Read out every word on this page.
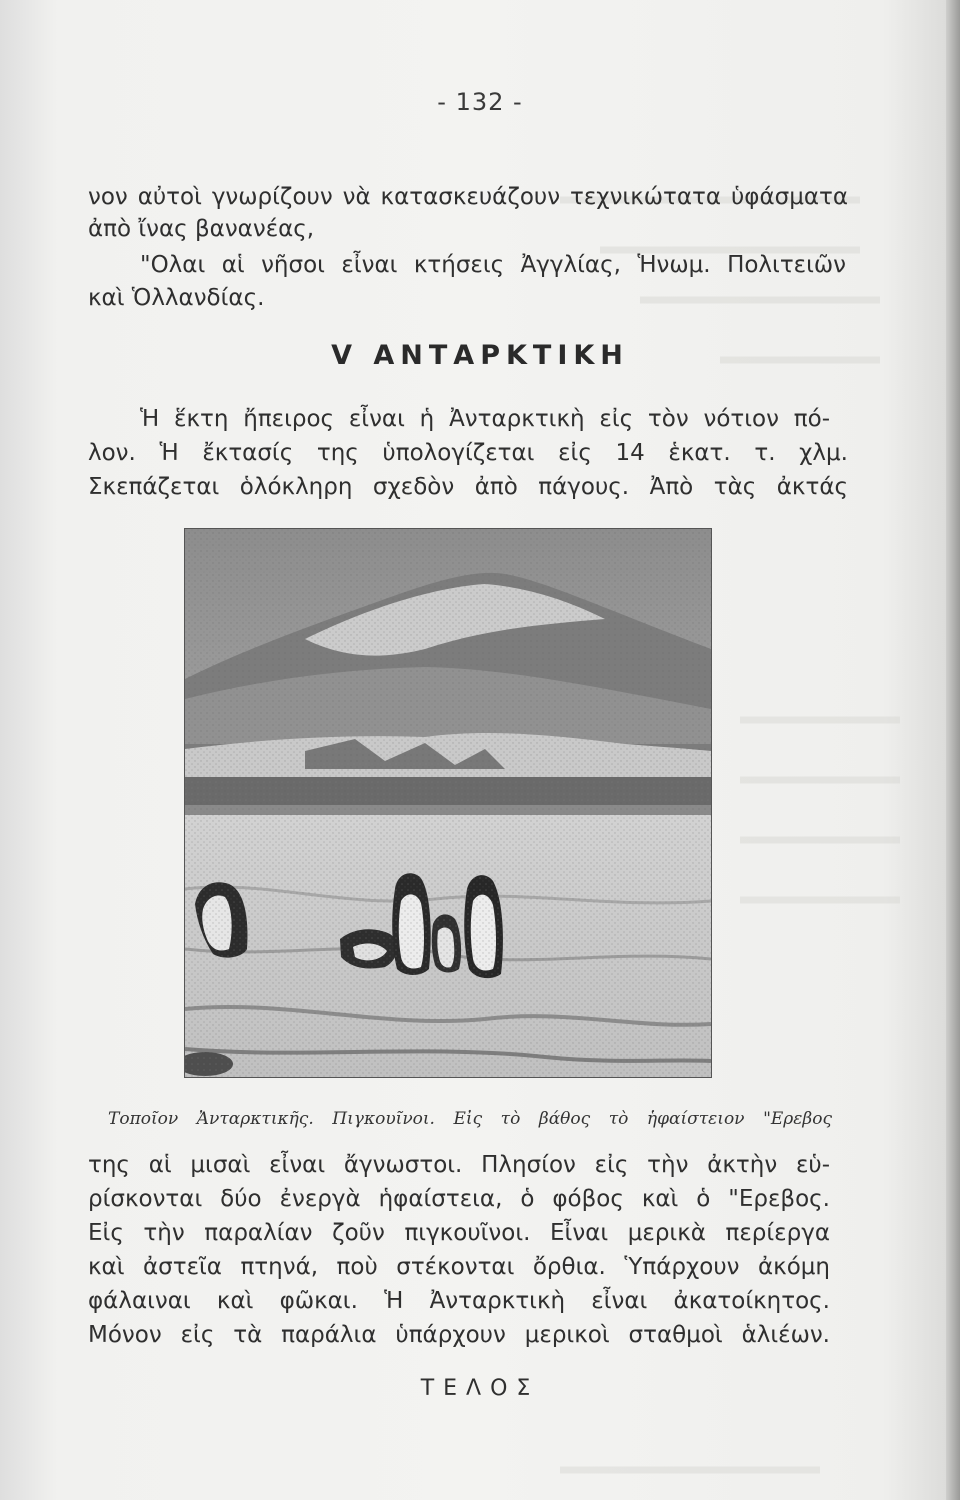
- 132 -

νον αὐτοὶ γνωρίζουν νὰ κατασκευάζουν τεχνικώτατα ὑφάσματα

ἀπὸ ἴνας βανανέας,

"Ολαι αἱ νῆσοι εἶναι κτήσεις Ἀγγλίας, Ἡνωμ. Πολιτειῶν

καὶ Ὁλλανδίας.

V ΑΝΤΑΡΚΤΙΚΗ

Ἡ ἕκτη ἤπειρος εἶναι ἡ Ἀνταρκτικὴ εἰς τὸν νότιον πό-

λον. Ἡ ἔκτασίς της ὑπολογίζεται εἰς 14 ἑκατ. τ. χλμ.

Σκεπάζεται ὁλόκληρη σχεδὸν ἀπὸ πάγους. Ἀπὸ τὰς ἀκτάς

Τοποῖον Ἀνταρκτικῆς. Πιγκουῖνοι. Εἰς τὸ βάθος τὸ ἡφαίστειον "Ερεβος

της αἱ μισαὶ εἶναι ἄγνωστοι. Πλησίον εἰς τὴν ἀκτὴν εὑ-

ρίσκονται δύο ἐνεργὰ ἡφαίστεια, ὁ φόβος καὶ ὁ "Ερεβος.

Εἰς τὴν παραλίαν ζοῦν πιγκουῖνοι. Εἶναι μερικὰ περίεργα

καὶ ἀστεῖα πτηνά, ποὺ στέκονται ὄρθια. Ὑπάρχουν ἀκόμη

φάλαιναι καὶ φῶκαι. Ἡ Ἀνταρκτικὴ εἶναι ἀκατοίκητος.

Μόνον εἰς τὰ παράλια ὑπάρχουν μερικοὶ σταθμοὶ ἁλιέων.

ΤΕΛΟΣ
